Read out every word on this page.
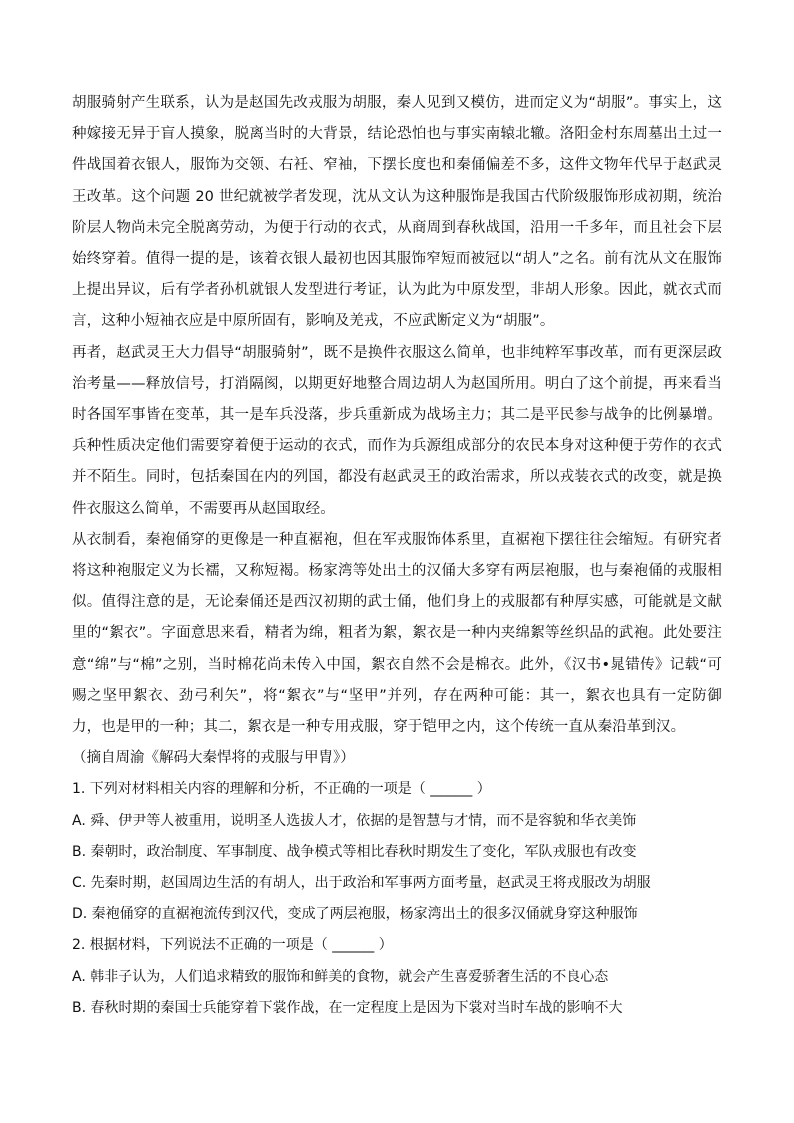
胡服骑射产生联系，认为是赵国先改戎服为胡服，秦人见到又模仿，进而定义为“胡服”。事实上，这种嫁接无异于盲人摸象，脱离当时的大背景，结论恐怕也与事实南辕北辙。洛阳金村东周墓出土过一件战国着衣银人，服饰为交领、右衽、窄袖，下摆长度也和秦俑偏差不多，这件文物年代早于赵武灵王改革。这个问题 20 世纪就被学者发现，沈从文认为这种服饰是我国古代阶级服饰形成初期，统治阶层人物尚未完全脱离劳动，为便于行动的衣式，从商周到春秋战国，沿用一千多年，而且社会下层始终穿着。值得一提的是，该着衣银人最初也因其服饰窄短而被冠以“胡人”之名。前有沈从文在服饰上提出异议，后有学者孙机就银人发型进行考证，认为此为中原发型，非胡人形象。因此，就衣式而言，这种小短袖衣应是中原所固有，影响及羌戎，不应武断定义为“胡服”。

再者，赵武灵王大力倡导“胡服骑射”，既不是换件衣服这么简单，也非纯粹军事改革，而有更深层政治考量——释放信号，打消隔阂，以期更好地整合周边胡人为赵国所用。明白了这个前提，再来看当时各国军事皆在变革，其一是车兵没落，步兵重新成为战场主力；其二是平民参与战争的比例暴增。兵种性质决定他们需要穿着便于运动的衣式，而作为兵源组成部分的农民本身对这种便于劳作的衣式并不陌生。同时，包括秦国在内的列国，都没有赵武灵王的政治需求，所以戎装衣式的改变，就是换件衣服这么简单，不需要再从赵国取经。

从衣制看，秦袍俑穿的更像是一种直裾袍，但在军戎服饰体系里，直裾袍下摆往往会缩短。有研究者将这种袍服定义为长襦，又称短褐。杨家湾等处出土的汉俑大多穿有两层袍服，也与秦袍俑的戎服相似。值得注意的是，无论秦俑还是西汉初期的武士俑，他们身上的戎服都有种厚实感，可能就是文献里的“絮衣”。字面意思来看，精者为绵，粗者为絮，絮衣是一种内夹绵絮等丝织品的武袍。此处要注意“绵”与“棉”之别，当时棉花尚未传入中国，絮衣自然不会是棉衣。此外，《汉书•晁错传》记载“可赐之坚甲絮衣、劲弓利矢”，将“絮衣”与“坚甲”并列，存在两种可能：其一，絮衣也具有一定防御力，也是甲的一种；其二，絮衣是一种专用戎服，穿于铠甲之内，这个传统一直从秦沿革到汉。

（摘自周渝《解码大秦悍将的戎服与甲胄》）

1. 下列对材料相关内容的理解和分析，不正确的一项是（ ______ ）

A. 舜、伊尹等人被重用，说明圣人选拔人才，依据的是智慧与才情，而不是容貌和华衣美饰

B. 秦朝时，政治制度、军事制度、战争模式等相比春秋时期发生了变化，军队戎服也有改变

C. 先秦时期，赵国周边生活的有胡人，出于政治和军事两方面考量，赵武灵王将戎服改为胡服

D. 秦袍俑穿的直裾袍流传到汉代，变成了两层袍服，杨家湾出土的很多汉俑就身穿这种服饰

2. 根据材料，下列说法不正确的一项是（ ______ ）

A. 韩非子认为，人们追求精致的服饰和鲜美的食物，就会产生喜爱骄奢生活的不良心态

B. 春秋时期的秦国士兵能穿着下裳作战，在一定程度上是因为下裳对当时车战的影响不大
